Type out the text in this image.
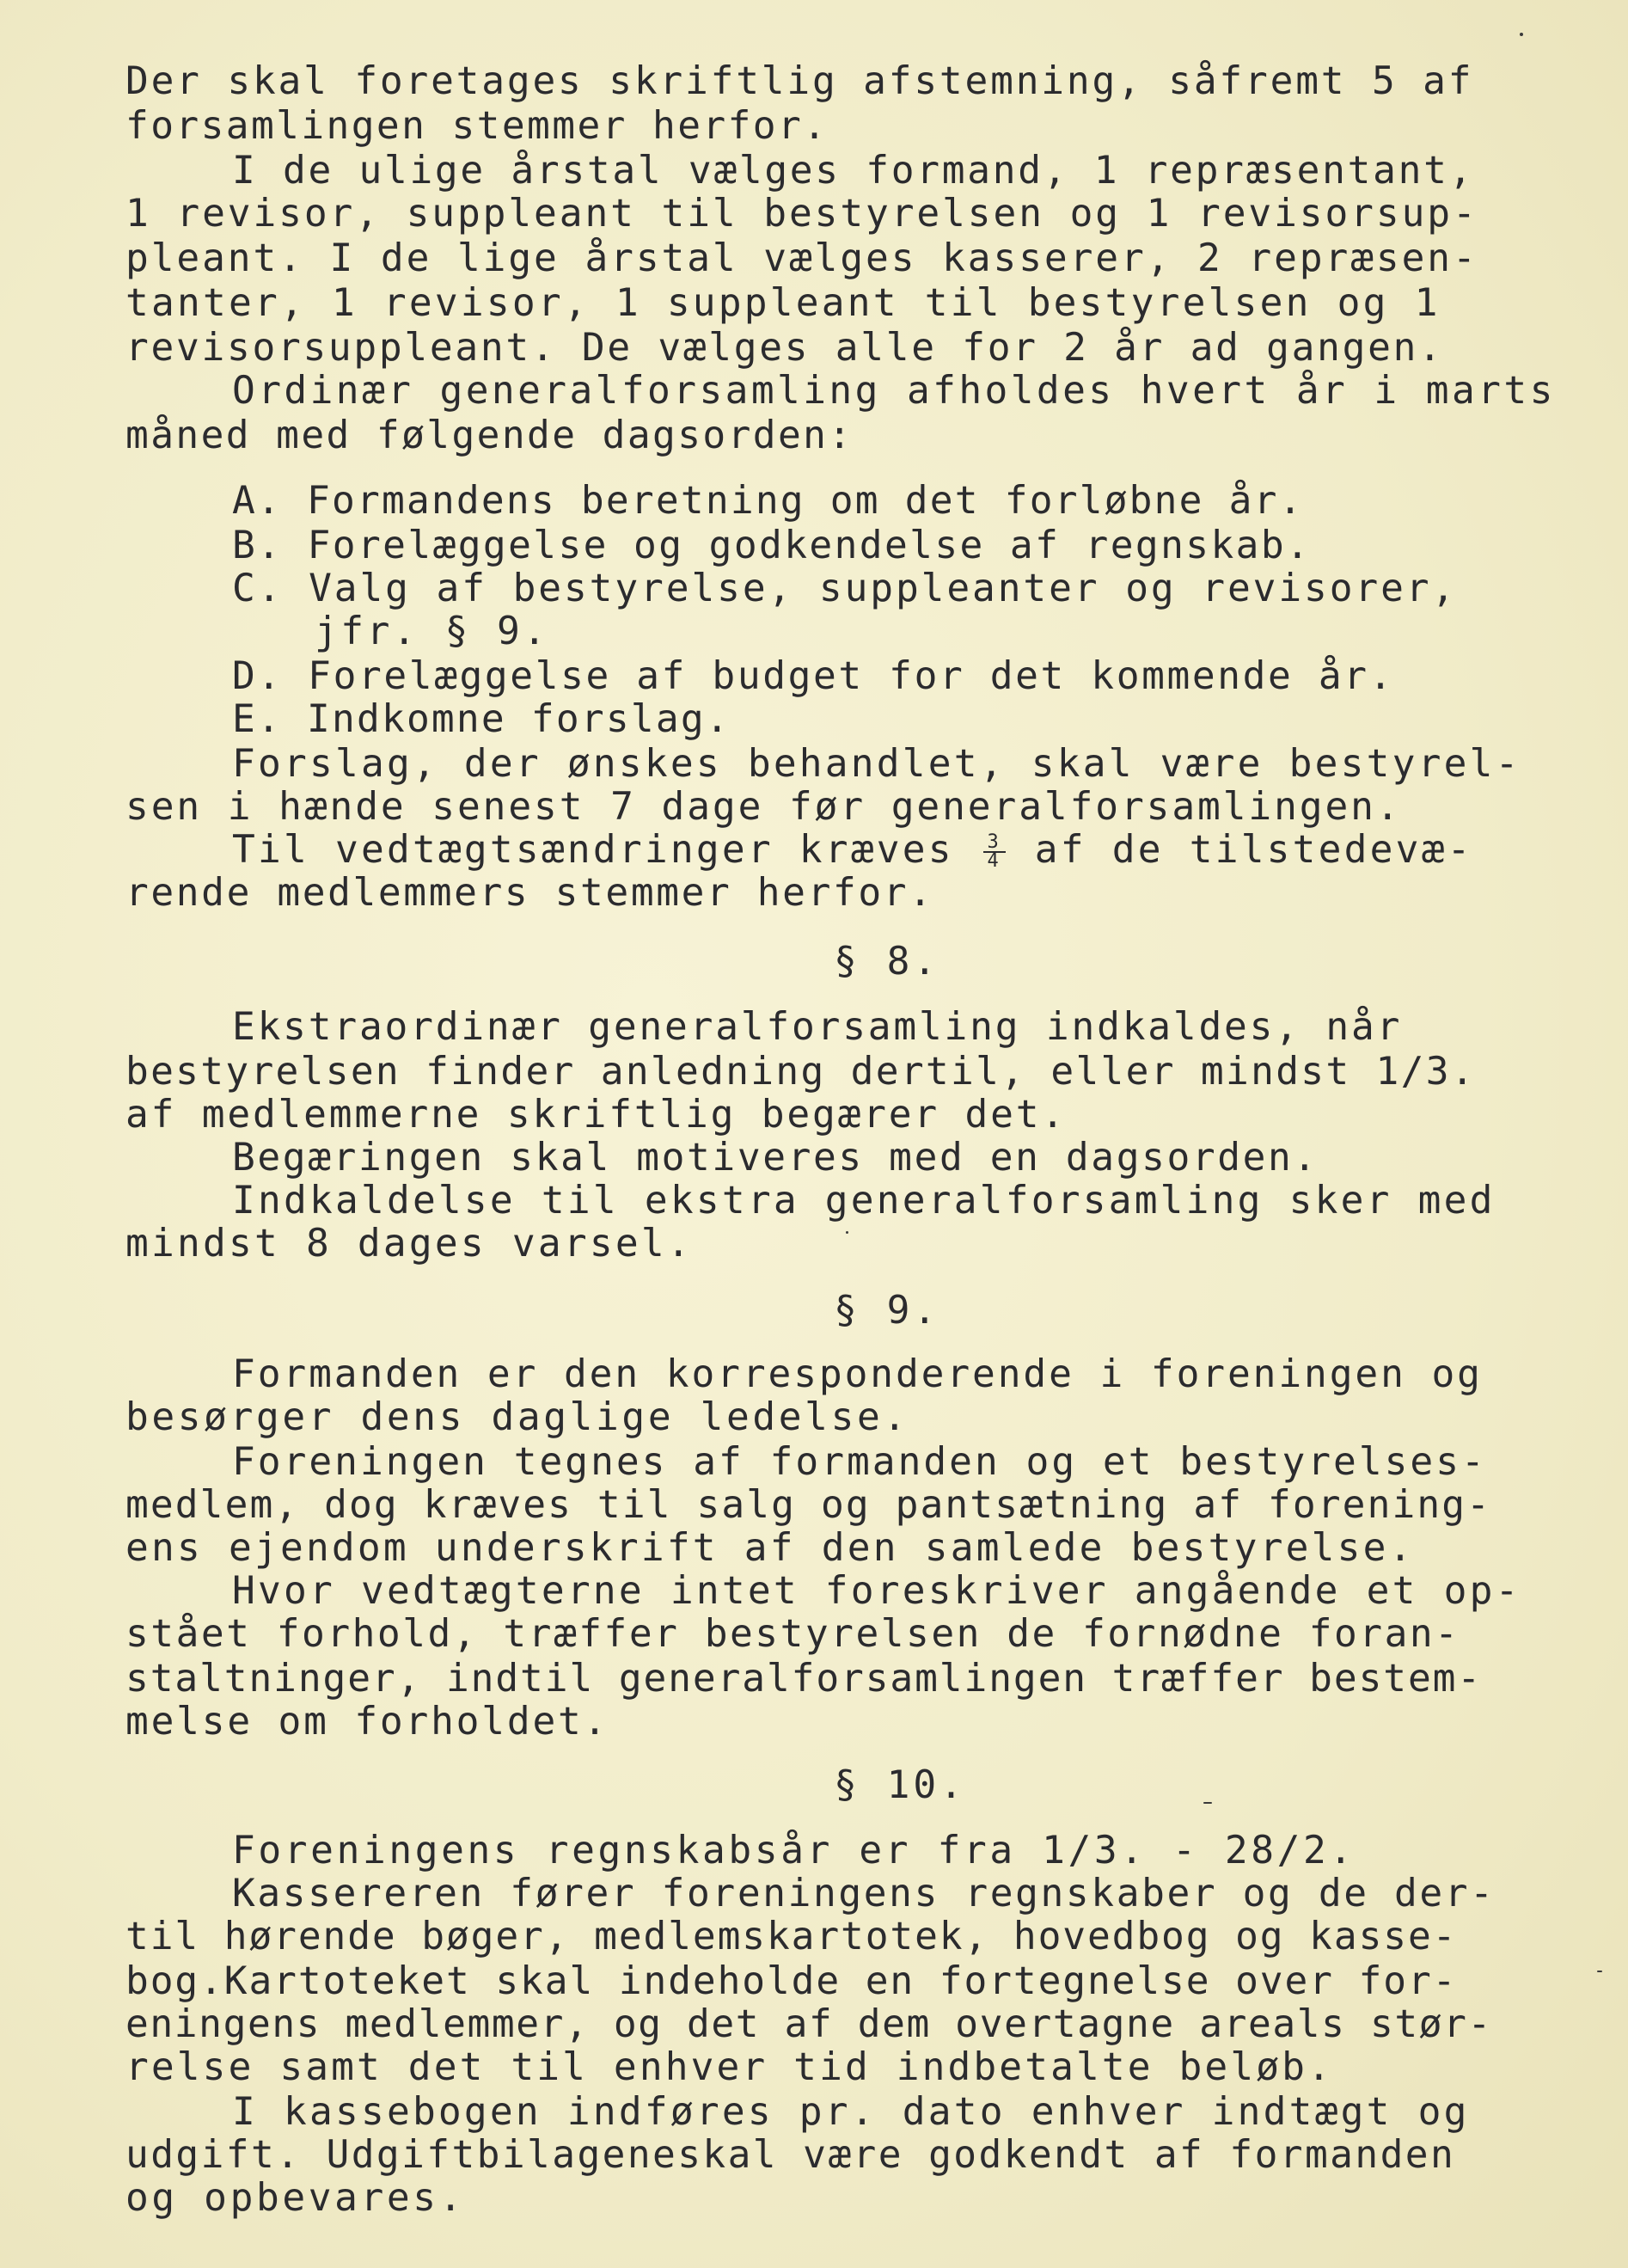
Der skal foretages skriftlig afstemning, såfremt 5 af
forsamlingen stemmer herfor.
I de ulige årstal vælges formand, 1 repræsentant,
1 revisor, suppleant til bestyrelsen og 1 revisorsup-
pleant. I de lige årstal vælges kasserer, 2 repræsen-
tanter, 1 revisor, 1 suppleant til bestyrelsen og 1
revisorsuppleant. De vælges alle for 2 år ad gangen.
Ordinær generalforsamling afholdes hvert år i marts
måned med følgende dagsorden:
A. Formandens beretning om det forløbne år.
B. Forelæggelse og godkendelse af regnskab.
C. Valg af bestyrelse, suppleanter og revisorer,
jfr. § 9.
D. Forelæggelse af budget for det kommende år.
E. Indkomne forslag.
Forslag, der ønskes behandlet, skal være bestyrel-
sen i hænde senest 7 dage før generalforsamlingen.
Til vedtægtsændringer kræves $\frac{3}{4}$ af de tilstedevæ-
rende medlemmers stemmer herfor.
§ 8.
Ekstraordinær generalforsamling indkaldes, når
bestyrelsen finder anledning dertil, eller mindst 1/3.
af medlemmerne skriftlig begærer det.
Begæringen skal motiveres med en dagsorden.
Indkaldelse til ekstra generalforsamling sker med
mindst 8 dages varsel.
§ 9.
Formanden er den korresponderende i foreningen og
besørger dens daglige ledelse.
Foreningen tegnes af formanden og et bestyrelses-
medlem, dog kræves til salg og pantsætning af forening-
ens ejendom underskrift af den samlede bestyrelse.
Hvor vedtægterne intet foreskriver angående et op-
stået forhold, træffer bestyrelsen de fornødne foran-
staltninger, indtil generalforsamlingen træffer bestem-
melse om forholdet.
§ 10.
Foreningens regnskabsår er fra 1/3. - 28/2.
Kassereren fører foreningens regnskaber og de der-
til hørende bøger, medlemskartotek, hovedbog og kasse-
bog.Kartoteket skal indeholde en fortegnelse over for-
eningens medlemmer, og det af dem overtagne areals stør-
relse samt det til enhver tid indbetalte beløb.
I kassebogen indføres pr. dato enhver indtægt og
udgift. Udgiftbilageneskal være godkendt af formanden
og opbevares.
